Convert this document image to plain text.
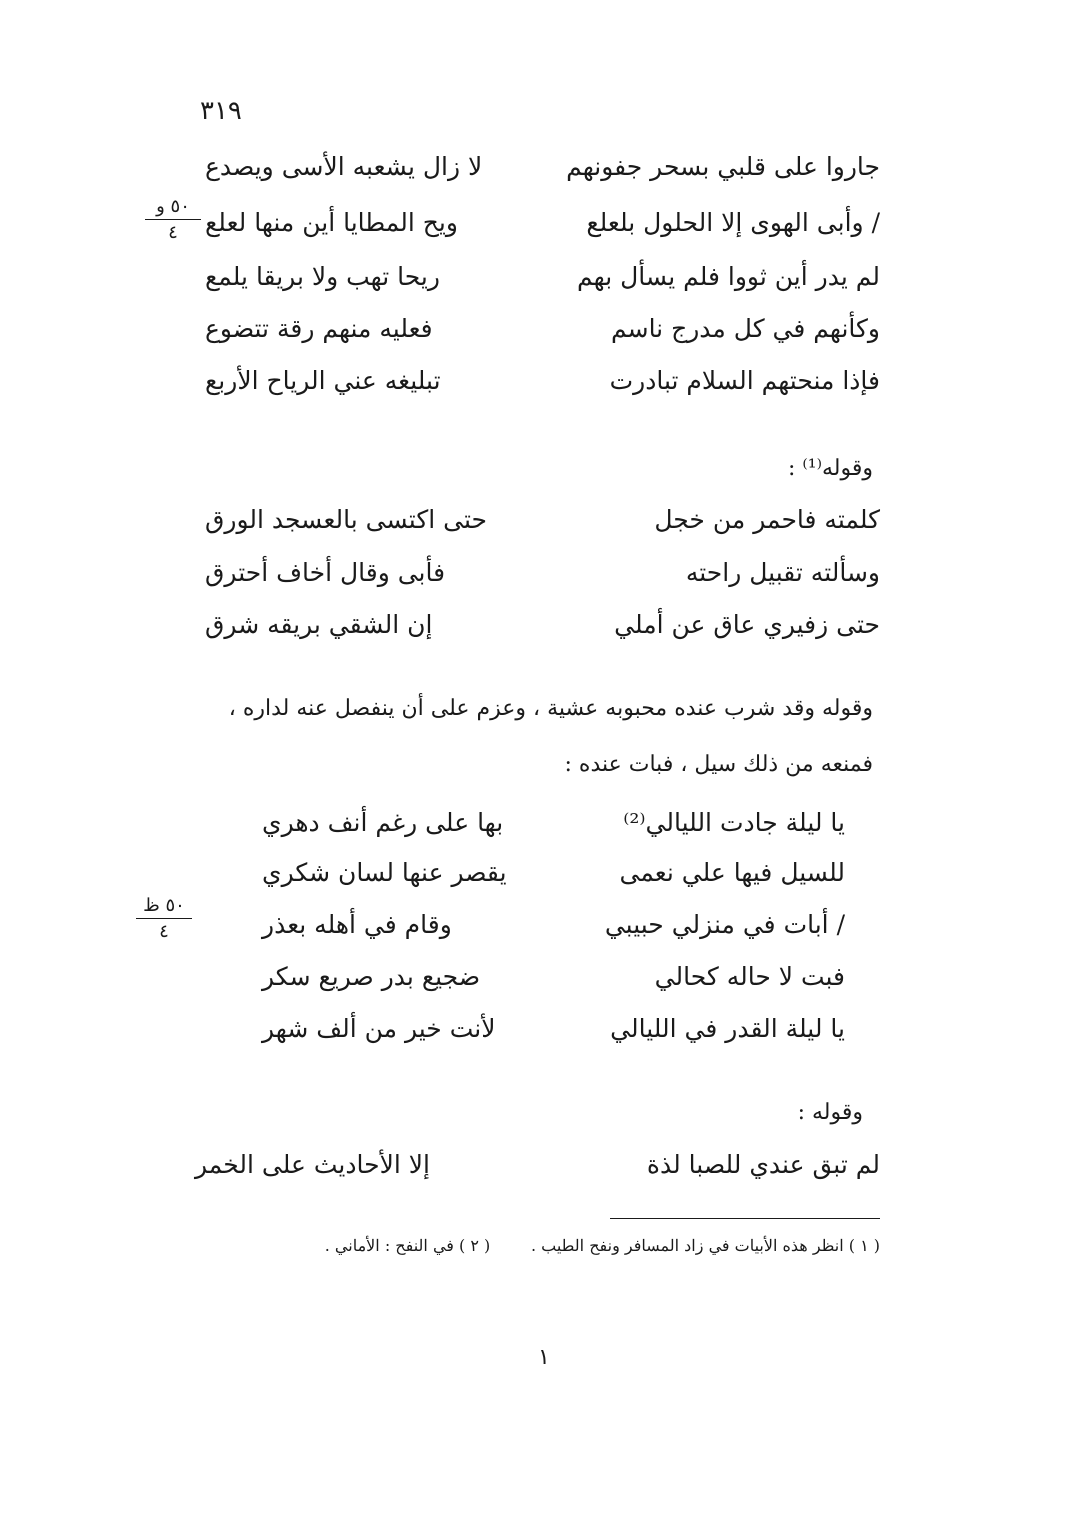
٣١٩
جاروا على قلبي بسحر جفونهم
لا زال يشعبه الأسى ويصدع
/ وأبى الهوى إلا الحلول بلعلع
ويح المطايا أين منها لعلع
لم يدر أين ثووا فلم يسأل بهم
ريحا تهب ولا بريقا يلمع
وكأنهم في كل مدرج ناسم
فعليه منهم رقة تتضوع
فإذا منحتهم السلام تبادرت
تبليغه عني الرياح الأربع
٥٠ و
٤
وقوله⁽¹⁾ :
كلمته فاحمر من خجل
حتى اكتسى بالعسجد الورق
وسألته تقبيل راحته
فأبى وقال أخاف أحترق
حتى زفيري عاق عن أملي
إن الشقي بريقه شرق
وقوله وقد شرب عنده محبوبه عشية ، وعزم على أن ينفصل عنه لداره ،
فمنعه من ذلك سيل ، فبات عنده :
يا ليلة جادت الليالي⁽²⁾
بها على رغم أنف دهري
للسيل فيها علي نعمى
يقصر عنها لسان شكري
/ أبات في منزلي حبيبي
وقام في أهله بعذر
فبت لا حاله كحالي
ضجيع بدر صريع سكر
يا ليلة القدر في الليالي
لأنت خير من ألف شهر
٥٠ ظ
٤
وقوله :
لم تبق عندي للصبا لذة
إلا الأحاديث على الخمر
( ١ ) انظر هذه الأبيات في زاد المسافر ونفح الطيب .        ( ٢ ) في النفح : الأماني .
١
